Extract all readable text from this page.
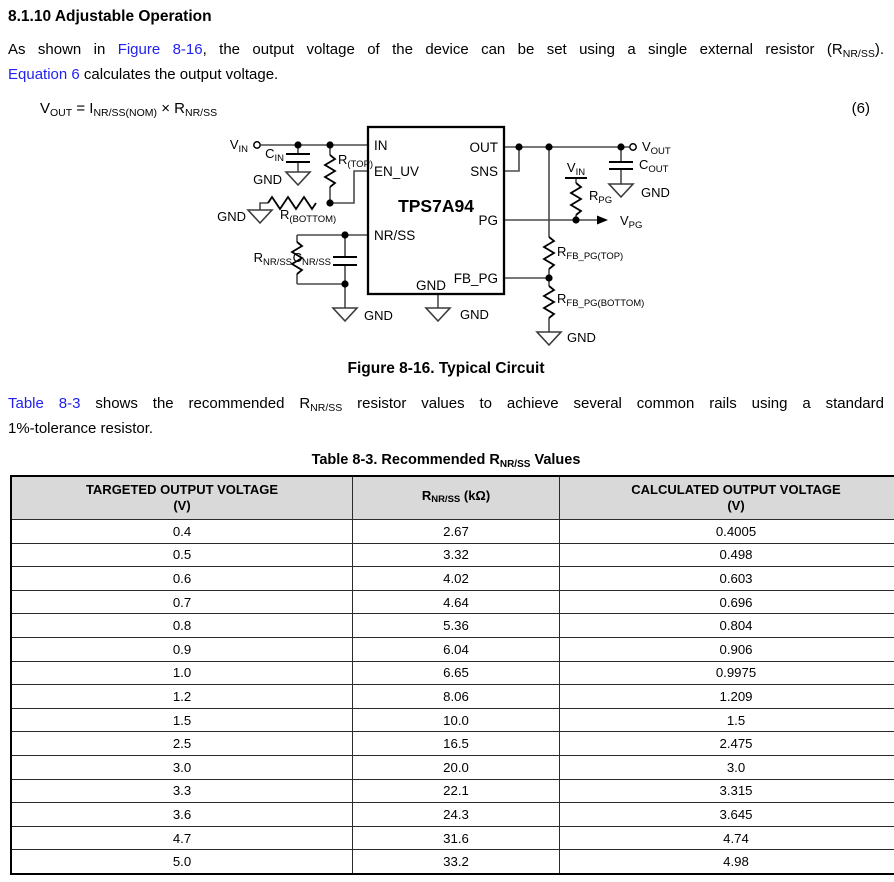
8.1.10 Adjustable Operation
As shown in Figure 8-16, the output voltage of the device can be set using a single external resistor $(R_{NR/SS})$.
Equation 6 calculates the output voltage.
$V_{OUT} = I_{NR/SS(NOM)} \times R_{NR/SS}$	(6)
TPS7A94
IN
EN_UV
NR/SS
OUT
SNS
PG
FB_PG
GND
$V_{IN}$ $C_{IN}$
GND
$R_{(TOP)}$
$R_{(BOTTOM)}$
GND
$R_{NR/SS}$ $C_{NR/SS}$
GND	GND
$V_{OUT}$
$C_{OUT}$
GND
$V_{IN}$
$R_{PG}$
$V_{PG}$
$R_{FB\_PG(TOP)}$
$R_{FB\_PG(BOTTOM)}$
GND
Figure 8-16. Typical Circuit
Table 8-3 shows the recommended $R_{NR/SS}$ resistor values to achieve several common rails using a standard
1%-tolerance resistor.
Table 8-3. Recommended $R_{NR/SS}$ Values
TARGETED OUTPUT VOLTAGE
(V)
	$R_{NR/SS}$ (kΩ)	CALCULATED OUTPUT VOLTAGE
(V)

0.4	2.67	0.4005
0.5	3.32	0.498
0.6	4.02	0.603
0.7	4.64	0.696
0.8	5.36	0.804
0.9	6.04	0.906
1.0	6.65	0.9975
1.2	8.06	1.209
1.5	10.0	1.5
2.5	16.5	2.475
3.0	20.0	3.0
3.3	22.1	3.315
3.6	24.3	3.645
4.7	31.6	4.74
5.0	33.2	4.98
